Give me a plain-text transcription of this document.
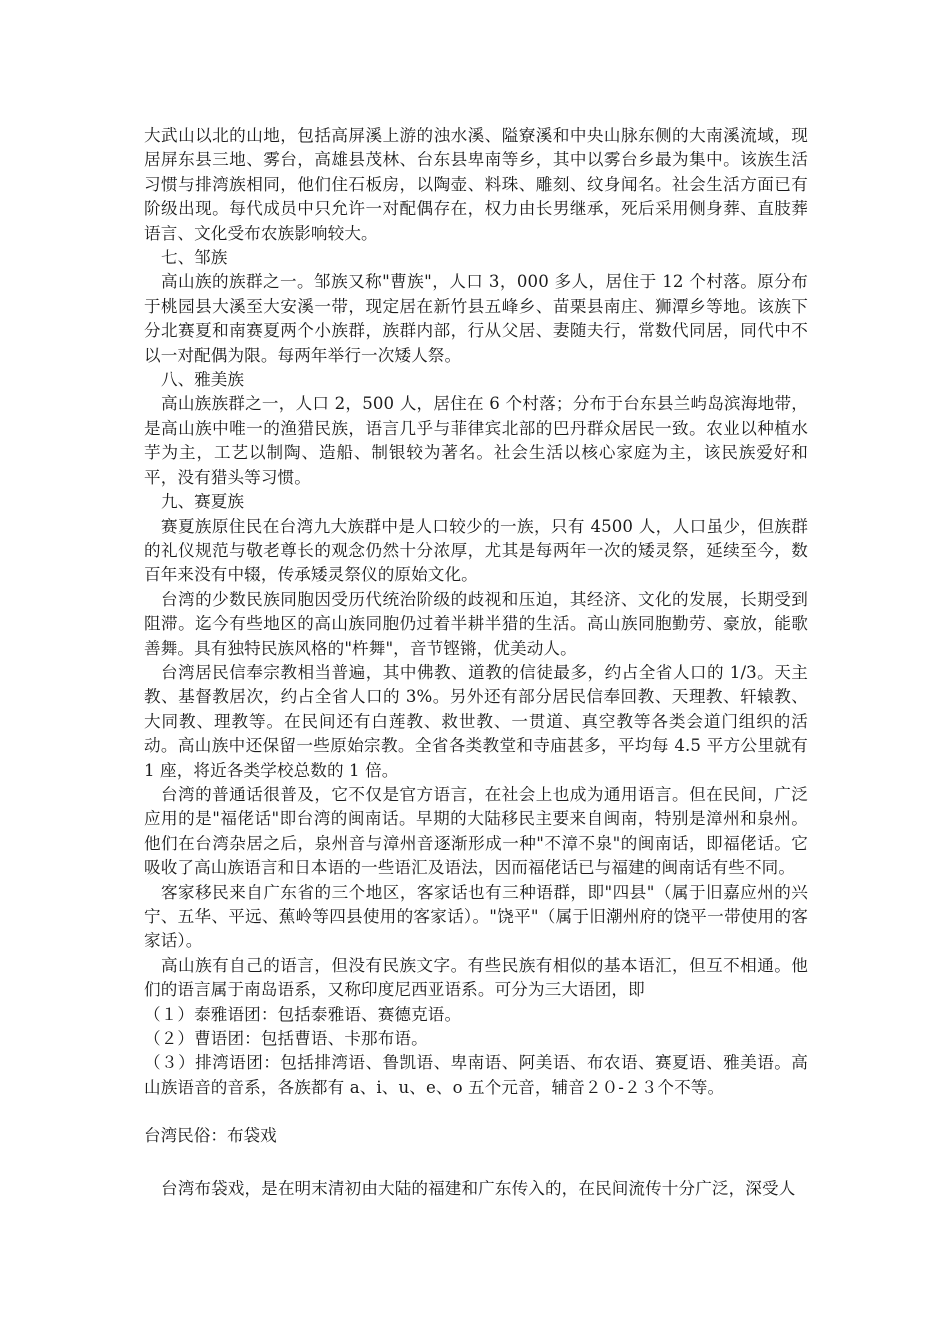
大武山以北的山地，包括高屏溪上游的浊水溪、隘寮溪和中央山脉东侧的大南溪流域，现居屏东县三地、雾台，高雄县茂林、台东县卑南等乡，其中以雾台乡最为集中。该族生活习惯与排湾族相同，他们住石板房，以陶壶、料珠、雕刻、纹身闻名。社会生活方面已有阶级出现。每代成员中只允许一对配偶存在，权力由长男继承，死后采用侧身葬、直肢葬语言、文化受布农族影响较大。

七、邹族

高山族的族群之一。邹族又称"曹族"，人口 3，000 多人，居住于 12 个村落。原分布于桃园县大溪至大安溪一带，现定居在新竹县五峰乡、苗栗县南庄、狮潭乡等地。该族下分北赛夏和南赛夏两个小族群，族群内部，行从父居、妻随夫行，常数代同居，同代中不以一对配偶为限。每两年举行一次矮人祭。

八、雅美族

高山族族群之一，人口 2，500 人，居住在 6 个村落；分布于台东县兰屿岛滨海地带，是高山族中唯一的渔猎民族，语言几乎与菲律宾北部的巴丹群众居民一致。农业以种植水芋为主，工艺以制陶、造船、制银较为著名。社会生活以核心家庭为主，该民族爱好和平，没有猎头等习惯。

九、赛夏族

赛夏族原住民在台湾九大族群中是人口较少的一族，只有 4500 人，人口虽少，但族群的礼仪规范与敬老尊长的观念仍然十分浓厚，尤其是每两年一次的矮灵祭，延续至今，数百年来没有中辍，传承矮灵祭仪的原始文化。

台湾的少数民族同胞因受历代统治阶级的歧视和压迫，其经济、文化的发展，长期受到阻滞。迄今有些地区的高山族同胞仍过着半耕半猎的生活。高山族同胞勤劳、豪放，能歌善舞。具有独特民族风格的"杵舞"，音节铿锵，优美动人。

台湾居民信奉宗教相当普遍，其中佛教、道教的信徒最多，约占全省人口的 1/3。天主教、基督教居次，约占全省人口的 3%。另外还有部分居民信奉回教、天理教、轩辕教、大同教、理教等。在民间还有白莲教、救世教、一贯道、真空教等各类会道门组织的活动。高山族中还保留一些原始宗教。全省各类教堂和寺庙甚多，平均每 4.5 平方公里就有 1 座，将近各类学校总数的 1 倍。

台湾的普通话很普及，它不仅是官方语言，在社会上也成为通用语言。但在民间，广泛应用的是"福佬话"即台湾的闽南话。早期的大陆移民主要来自闽南，特别是漳州和泉州。他们在台湾杂居之后，泉州音与漳州音逐渐形成一种"不漳不泉"的闽南话，即福佬话。它吸收了高山族语言和日本语的一些语汇及语法，因而福佬话已与福建的闽南话有些不同。

客家移民来自广东省的三个地区，客家话也有三种语群，即"四县"（属于旧嘉应州的兴宁、五华、平远、蕉岭等四县使用的客家话）。"饶平"（属于旧潮州府的饶平一带使用的客家话）。

高山族有自己的语言，但没有民族文字。有些民族有相似的基本语汇，但互不相通。他们的语言属于南岛语系，又称印度尼西亚语系。可分为三大语团，即

（１）泰雅语团：包括泰雅语、赛德克语。

（２）曹语团：包括曹语、卡那布语。

（３）排湾语团：包括排湾语、鲁凯语、卑南语、阿美语、布农语、赛夏语、雅美语。高山族语音的音系，各族都有 a、i、u、e、o 五个元音，辅音２０-２３个不等。

台湾民俗：布袋戏

台湾布袋戏，是在明末清初由大陆的福建和广东传入的，在民间流传十分广泛，深受人
